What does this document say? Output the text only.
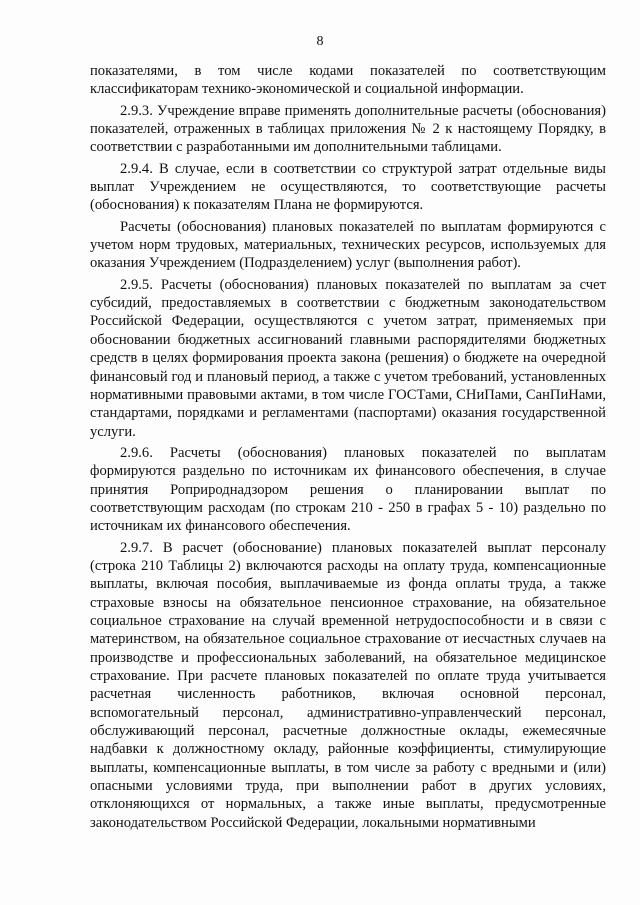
8

показателями, в том числе кодами показателей по соответствующим классификаторам технико-экономической и социальной информации.

2.9.3. Учреждение вправе применять дополнительные расчеты (обоснования) показателей, отраженных в таблицах приложения № 2 к настоящему Порядку, в соответствии с разработанными им дополнительными таблицами.

2.9.4. В случае, если в соответствии со структурой затрат отдельные виды выплат Учреждением не осуществляются, то соответствующие расчеты (обоснования) к показателям Плана не формируются.

Расчеты (обоснования) плановых показателей по выплатам формируются с учетом норм трудовых, материальных, технических ресурсов, используемых для оказания Учреждением (Подразделением) услуг (выполнения работ).

2.9.5. Расчеты (обоснования) плановых показателей по выплатам за счет субсидий, предоставляемых в соответствии с бюджетным законодательством Российской Федерации, осуществляются с учетом затрат, применяемых при обосновании бюджетных ассигнований главными распорядителями бюджетных средств в целях формирования проекта закона (решения) о бюджете на очередной финансовый год и плановый период, а также с учетом требований, установленных нормативными правовыми актами, в том числе ГОСТами, СНиПами, СанПиНами, стандартами, порядками и регламентами (паспортами) оказания государственной услуги.

2.9.6. Расчеты (обоснования) плановых показателей по выплатам формируются раздельно по источникам их финансового обеспечения, в случае принятия Роприроднадзором решения о планировании выплат по соответствующим расходам (по строкам 210 - 250 в графах 5 - 10) раздельно по источникам их финансового обеспечения.

2.9.7. В расчет (обоснование) плановых показателей выплат персоналу (строка 210 Таблицы 2) включаются расходы на оплату труда, компенсационные выплаты, включая пособия, выплачиваемые из фонда оплаты труда, а также страховые взносы на обязательное пенсионное страхование, на обязательное социальное страхование на случай временной нетрудоспособности и в связи с материнством, на обязательное социальное страхование от иесчастных случаев на производстве и профессиональных заболеваний, на обязательное медицинское страхование. При расчете плановых показателей по оплате труда учитывается расчетная численность работников, включая основной персонал, вспомогательный персонал, административно-управленческий персонал, обслуживающий персонал, расчетные должностные оклады, ежемесячные надбавки к должностному окладу, районные коэффициенты, стимулирующие выплаты, компенсационные выплаты, в том числе за работу с вредными и (или) опасными условиями труда, при выполнении работ в других условиях, отклоняющихся от нормальных, а также иные выплаты, предусмотренные законодательством Российской Федерации, локальными нормативными
